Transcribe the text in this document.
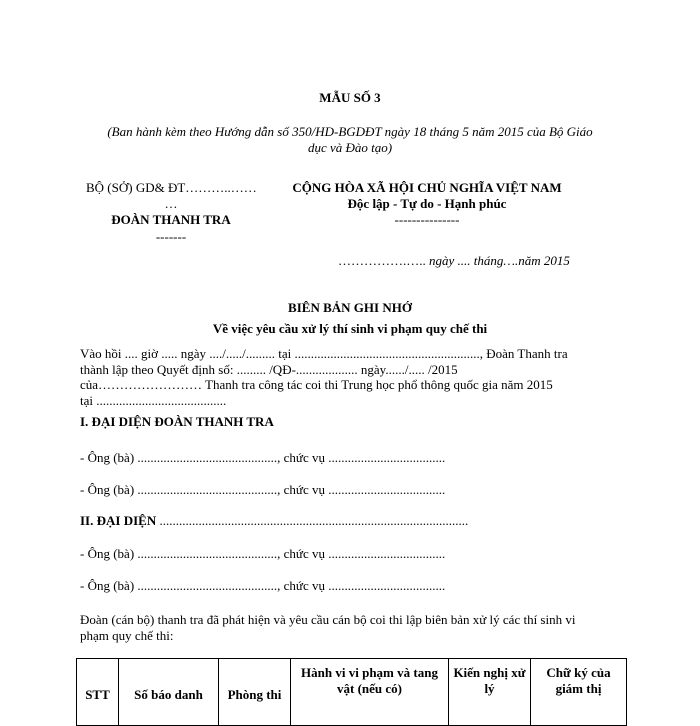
MẪU SỐ 3
(Ban hành kèm theo Hướng dẫn số 350/HD-BGDĐT ngày 18 tháng 5 năm 2015 của Bộ Giáo
dục và Đào tạo)
BỘ (SỞ) GD& ĐT………..……
…
ĐOÀN THANH TRA
-------
CỘNG HÒA XÃ HỘI CHỦ NGHĨA VIỆT NAM
Độc lập - Tự do - Hạnh phúc
---------------
…………….….. ngày .... tháng….năm 2015
BIÊN BẢN GHI NHỚ
Về việc yêu cầu xử lý thí sinh vi phạm quy chế thi
Vào hồi .... giờ ..... ngày ..../...../......... tại ........................................................., Đoàn Thanh tra
thành lập theo Quyết định số: ......... /QĐ-................... ngày....../..... /2015
của…………………… Thanh tra công tác coi thi Trung học phổ thông quốc gia năm 2015
tại ........................................
I. ĐẠI DIỆN ĐOÀN THANH TRA
- Ông (bà) ..........................................., chức vụ ....................................
- Ông (bà) ..........................................., chức vụ ....................................
II. ĐẠI DIỆN ...............................................................................................
- Ông (bà) ..........................................., chức vụ ....................................
- Ông (bà) ..........................................., chức vụ ....................................
Đoàn (cán bộ) thanh tra đã phát hiện và yêu cầu cán bộ coi thi lập biên bản xử lý các thí sinh vi
phạm quy chế thi:
STT	Số báo danh	Phòng thi	Hành vi vi phạm và tang vật (nếu có)	Kiến nghị xử lý	Chữ ký của giám thị
